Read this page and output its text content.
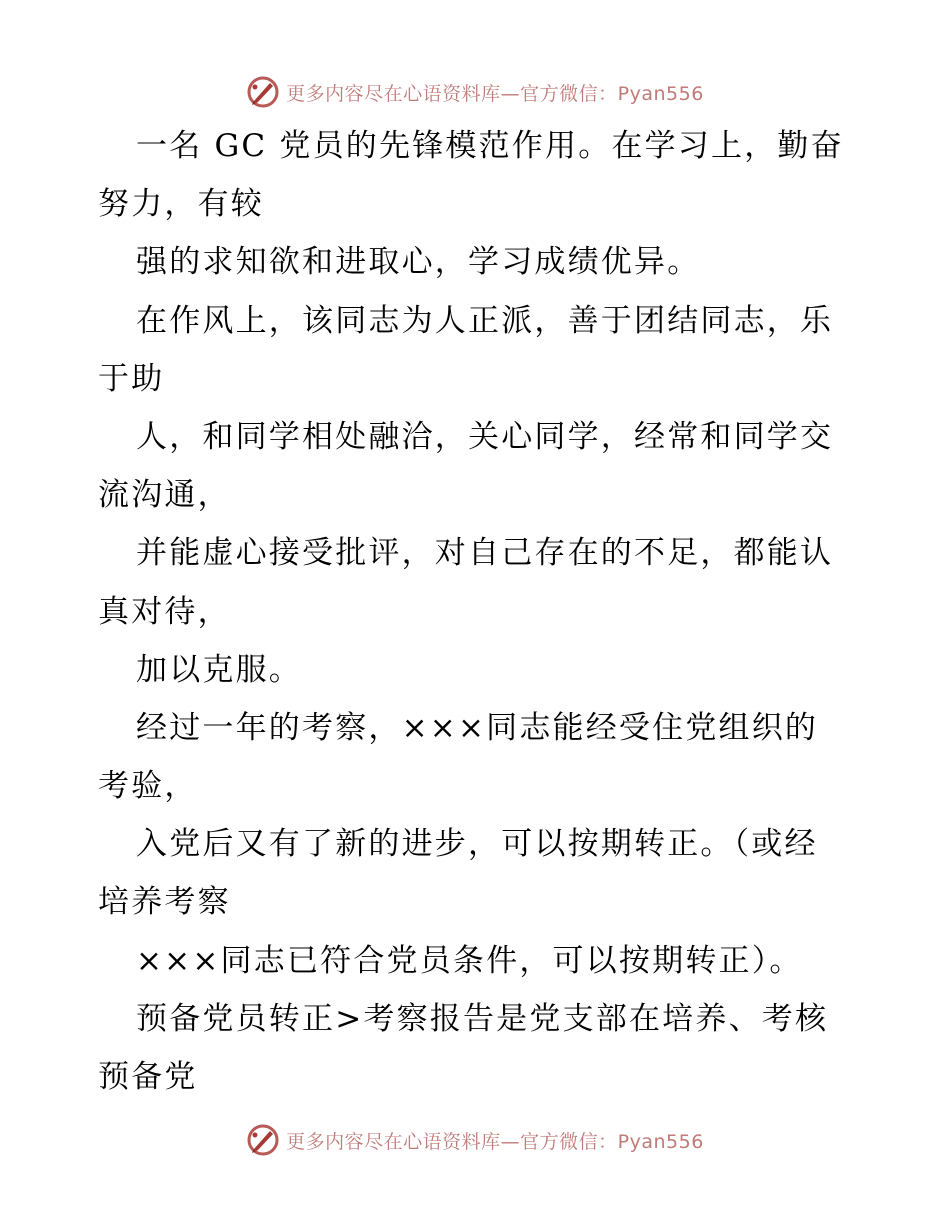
更多内容尽在心语资料库—官方微信：Pyan556
一名 GC 党员的先锋模范作用。在学习上，勤奋
努力，有较
强的求知欲和进取心，学习成绩优异。
在作风上，该同志为人正派，善于团结同志，乐
于助
人，和同学相处融洽，关心同学，经常和同学交
流沟通，
并能虚心接受批评，对自己存在的不足，都能认
真对待，
加以克服。
经过一年的考察，×××同志能经受住党组织的
考验，
入党后又有了新的进步，可以按期转正。（或经
培养考察
×××同志已符合党员条件，可以按期转正）。
预备党员转正>考察报告是党支部在培养、考核
预备党
更多内容尽在心语资料库—官方微信：Pyan556
